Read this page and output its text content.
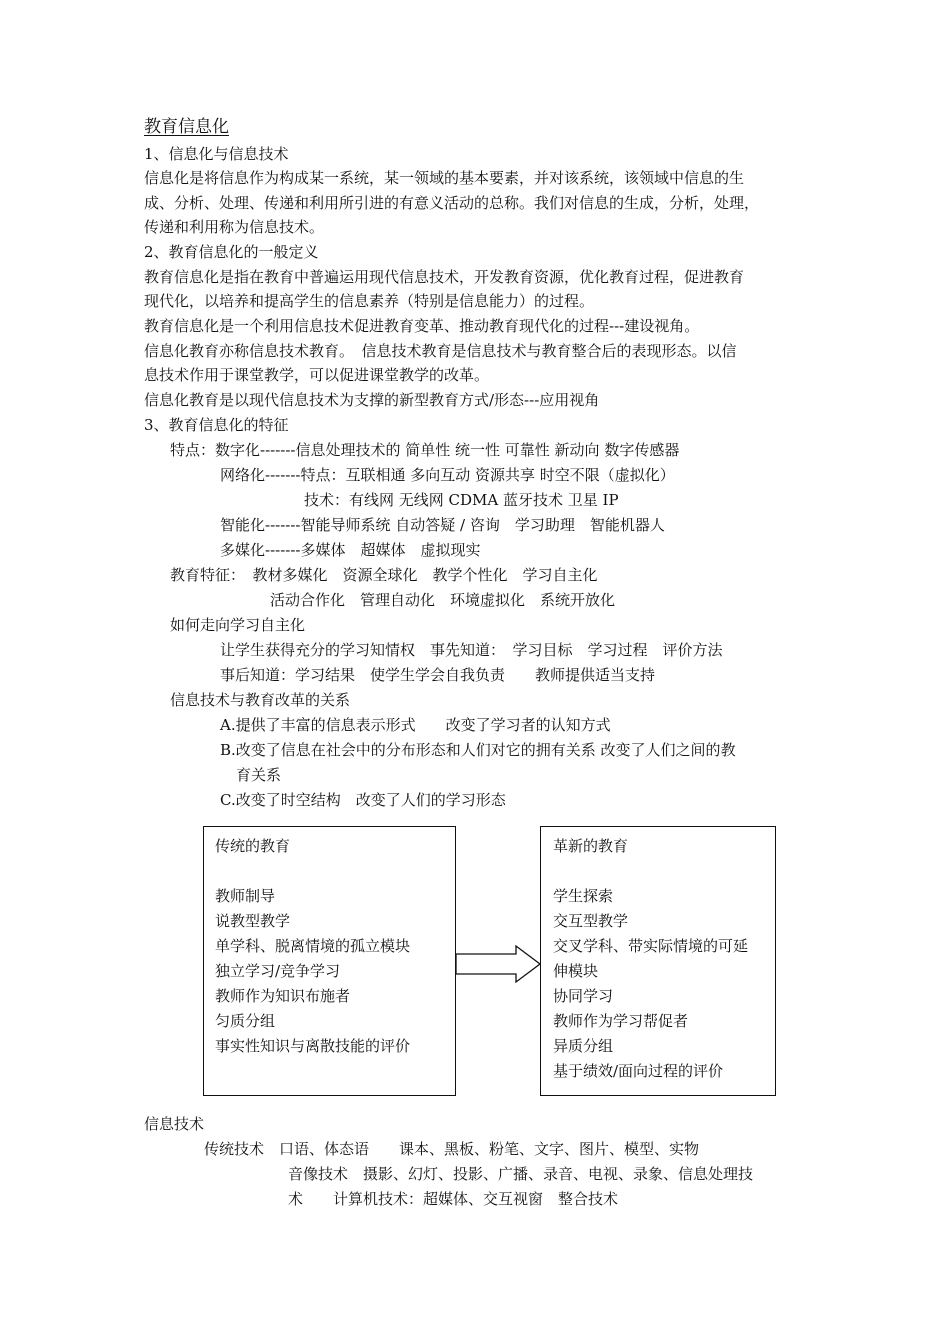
教育信息化
1、信息化与信息技术
信息化是将信息作为构成某一系统，某一领域的基本要素，并对该系统，该领域中信息的生
成、分析、处理、传递和利用所引进的有意义活动的总称。我们对信息的生成，分析，处理，
传递和利用称为信息技术。
2、教育信息化的一般定义
教育信息化是指在教育中普遍运用现代信息技术，开发教育资源，优化教育过程，促进教育
现代化，以培养和提高学生的信息素养（特别是信息能力）的过程。
教育信息化是一个利用信息技术促进教育变革、推动教育现代化的过程---建设视角。
信息化教育亦称信息技术教育。　信息技术教育是信息技术与教育整合后的表现形态。以信
息技术作用于课堂教学，可以促进课堂教学的改革。
信息化教育是以现代信息技术为支撑的新型教育方式/形态---应用视角
3、教育信息化的特征
特点：数字化-------信息处理技术的 简单性 统一性 可靠性 新动向 数字传感器
网络化-------特点：互联相通 多向互动 资源共享 时空不限（虚拟化）
技术：有线网 无线网 CDMA 蓝牙技术 卫星 IP
智能化-------智能导师系统 自动答疑 / 咨询　学习助理　智能机器人
多媒化-------多媒体　超媒体　虚拟现实
教育特征：　教材多媒化　资源全球化　教学个性化　学习自主化
活动合作化　管理自动化　环境虚拟化　系统开放化
如何走向学习自主化
让学生获得充分的学习知情权　事先知道：　学习目标　学习过程　评价方法
事后知道：学习结果　使学生学会自我负责　　教师提供适当支持
信息技术与教育改革的关系
A.提供了丰富的信息表示形式　　改变了学习者的认知方式
B.改变了信息在社会中的分布形态和人们对它的拥有关系 改变了人们之间的教
育关系
C.改变了时空结构　改变了人们的学习形态
传统的教育
教师制导
说教型教学
单学科、脱离情境的孤立模块
独立学习/竞争学习
教师作为知识布施者
匀质分组
事实性知识与离散技能的评价
革新的教育
学生探索
交互型教学
交叉学科、带实际情境的可延
伸模块
协同学习
教师作为学习帮促者
异质分组
基于绩效/面向过程的评价
信息技术
传统技术　口语、体态语　　课本、黑板、粉笔、文字、图片、模型、实物
音像技术　摄影、幻灯、投影、广播、录音、电视、录象、信息处理技
术　　计算机技术：超媒体、交互视窗　整合技术
